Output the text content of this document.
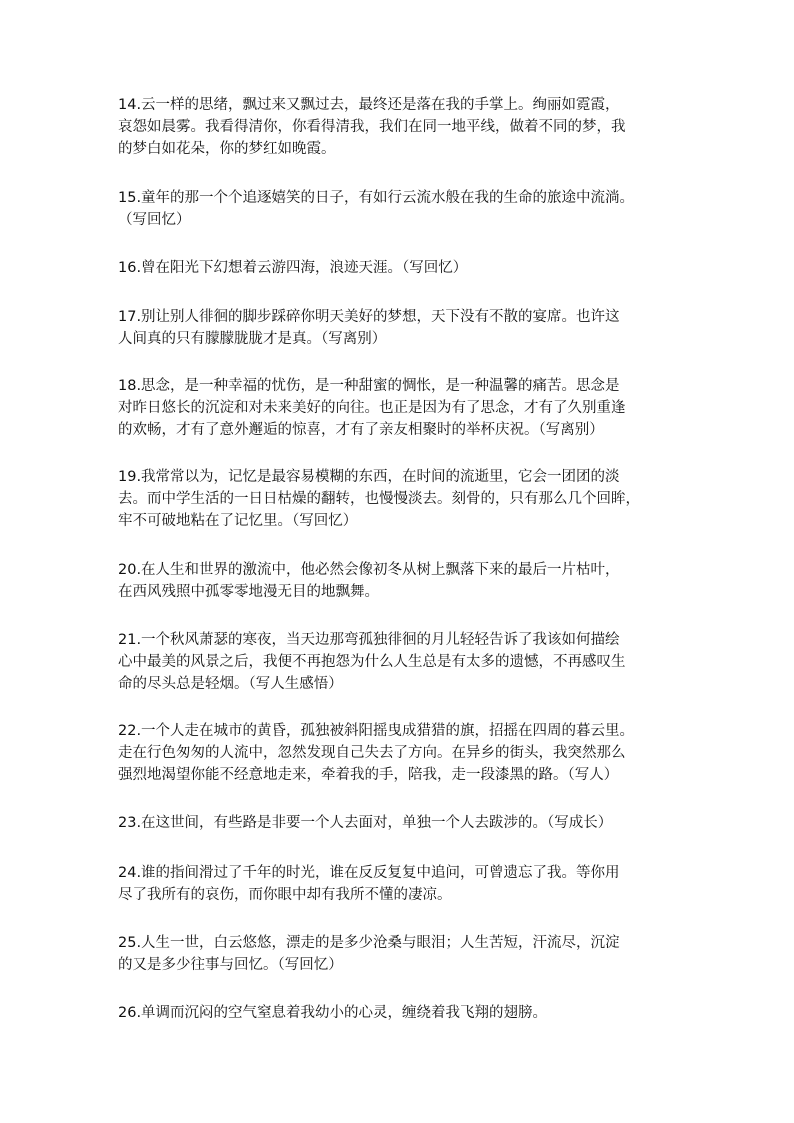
14.云一样的思绪，飘过来又飘过去，最终还是落在我的手掌上。绚丽如霓霞，
哀怨如晨雾。我看得清你，你看得清我，我们在同一地平线，做着不同的梦，我
的梦白如花朵，你的梦红如晚霞。
15.童年的那一个个追逐嬉笑的日子，有如行云流水般在我的生命的旅途中流淌。
（写回忆）
16.曾在阳光下幻想着云游四海，浪迹天涯。（写回忆）
17.别让别人徘徊的脚步踩碎你明天美好的梦想，天下没有不散的宴席。也许这
人间真的只有朦朦胧胧才是真。（写离别）
18.思念，是一种幸福的忧伤，是一种甜蜜的惆怅，是一种温馨的痛苦。思念是
对昨日悠长的沉淀和对未来美好的向往。也正是因为有了思念，才有了久别重逢
的欢畅，才有了意外邂逅的惊喜，才有了亲友相聚时的举杯庆祝。（写离别）
19.我常常以为，记忆是最容易模糊的东西，在时间的流逝里，它会一团团的淡
去。而中学生活的一日日枯燥的翻转，也慢慢淡去。刻骨的，只有那么几个回眸，
牢不可破地粘在了记忆里。（写回忆）
20.在人生和世界的激流中，他必然会像初冬从树上飘落下来的最后一片枯叶，
在西风残照中孤零零地漫无目的地飘舞。
21.一个秋风萧瑟的寒夜，当天边那弯孤独徘徊的月儿轻轻告诉了我该如何描绘
心中最美的风景之后，我便不再抱怨为什么人生总是有太多的遗憾，不再感叹生
命的尽头总是轻烟。（写人生感悟）
22.一个人走在城市的黄昏，孤独被斜阳摇曳成猎猎的旗，招摇在四周的暮云里。
走在行色匆匆的人流中，忽然发现自己失去了方向。在异乡的街头，我突然那么
强烈地渴望你能不经意地走来，牵着我的手，陪我，走一段漆黑的路。（写人）
23.在这世间，有些路是非要一个人去面对，单独一个人去跋涉的。（写成长）
24.谁的指间滑过了千年的时光，谁在反反复复中追问，可曾遗忘了我。等你用
尽了我所有的哀伤，而你眼中却有我所不懂的凄凉。
25.人生一世，白云悠悠，漂走的是多少沧桑与眼泪；人生苦短，汗流尽，沉淀
的又是多少往事与回忆。（写回忆）
26.单调而沉闷的空气窒息着我幼小的心灵，缠绕着我飞翔的翅膀。
